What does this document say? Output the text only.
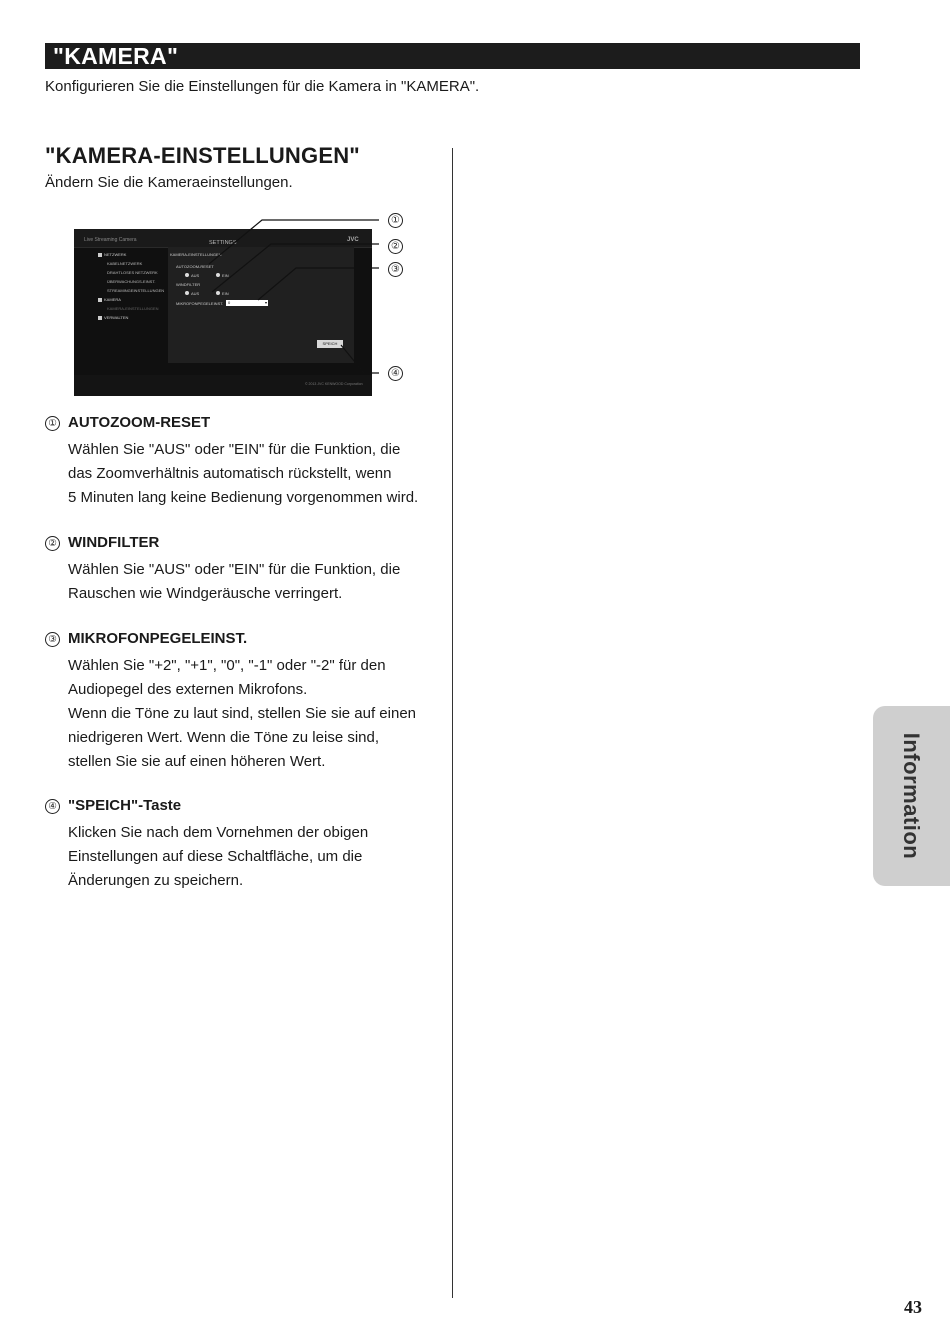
"KAMERA"
Konfigurieren Sie die Einstellungen für die Kamera in "KAMERA".
"KAMERA-EINSTELLUNGEN"
Ändern Sie die Kameraeinstellungen.
Live Streaming Camera	SETTINGS	JVC
NETZWERK
KABELNETZWERK
DRAHTLOSES NETZWERK
ÜBERWACHUNGS-EINST.
STREAMINGEINSTELLUNGEN
KAMERA
KAMERA-EINSTELLUNGEN
VERWALTEN
KAMERA-EINSTELLUNGEN
AUTOZOOM-RESET
AUS	EIN
WINDFILTER
AUS	EIN
MIKROFONPEGELEINST.	0	▾
SPEICH
© 2013 JVC KENWOOD Corporation
①
②
③
④
① AUTOZOOM-RESET
Wählen Sie "AUS" oder "EIN" für die Funktion, die
das Zoomverhältnis automatisch rückstellt, wenn
5 Minuten lang keine Bedienung vorgenommen wird.
② WINDFILTER
Wählen Sie "AUS" oder "EIN" für die Funktion, die
Rauschen wie Windgeräusche verringert.
③ MIKROFONPEGELEINST.
Wählen Sie "+2", "+1", "0", "-1" oder "-2" für den
Audiopegel des externen Mikrofons.
Wenn die Töne zu laut sind, stellen Sie sie auf einen
niedrigeren Wert. Wenn die Töne zu leise sind,
stellen Sie sie auf einen höheren Wert.
④ "SPEICH"-Taste
Klicken Sie nach dem Vornehmen der obigen
Einstellungen auf diese Schaltfläche, um die
Änderungen zu speichern.
Information
43
